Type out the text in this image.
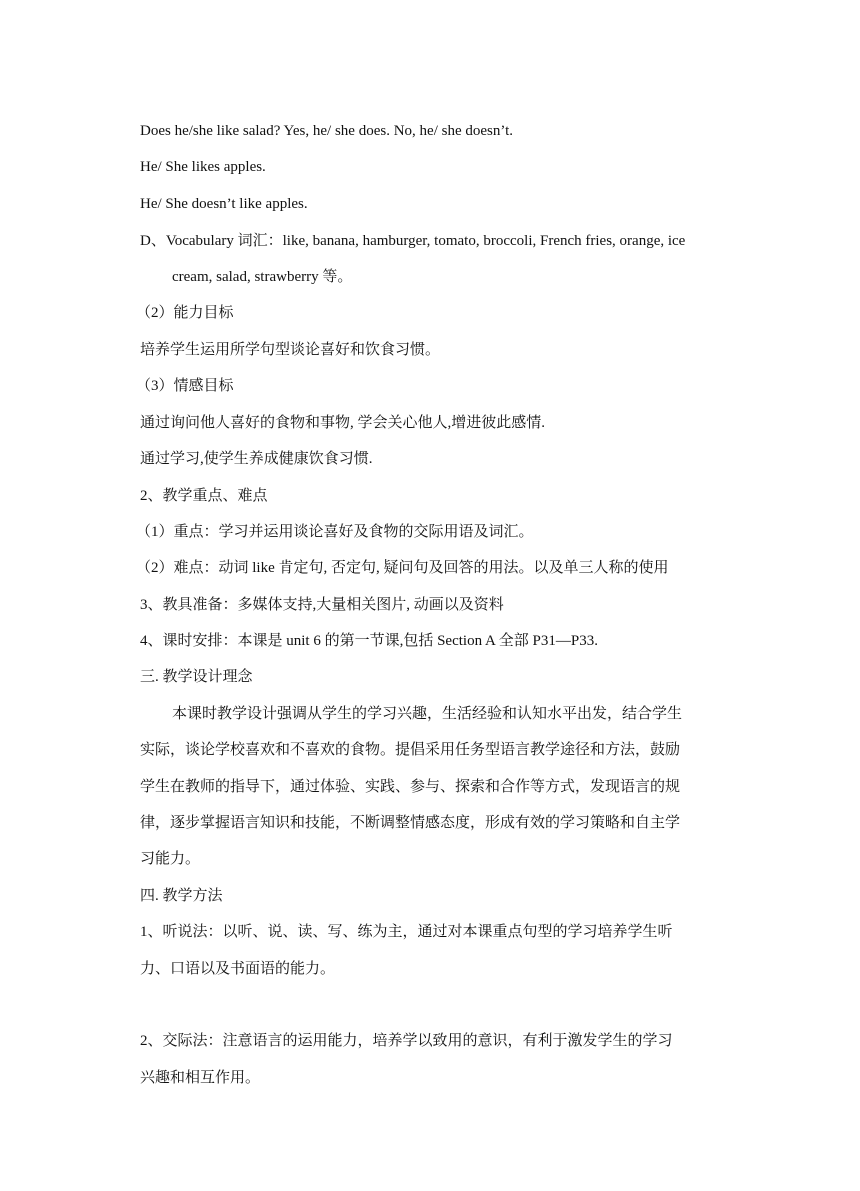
Does he/she like salad? Yes, he/ she does. No, he/ she doesn’t.
He/ She likes apples.
He/ She doesn’t like apples.
D、Vocabulary 词汇：like, banana, hamburger, tomato, broccoli, French fries, orange, ice
cream, salad, strawberry 等。
（2）能力目标
培养学生运用所学句型谈论喜好和饮食习惯。
（3）情感目标
通过询问他人喜好的食物和事物, 学会关心他人,增进彼此感情.
通过学习,使学生养成健康饮食习惯.
2、教学重点、难点
（1）重点：学习并运用谈论喜好及食物的交际用语及词汇。
（2）难点：动词 like 肯定句, 否定句, 疑问句及回答的用法。以及单三人称的使用
3、教具准备：多媒体支持,大量相关图片, 动画以及资料
4、课时安排：本课是 unit 6 的第一节课,包括 Section A 全部 P31—P33.
三. 教学设计理念
本课时教学设计强调从学生的学习兴趣，生活经验和认知水平出发，结合学生
实际，谈论学校喜欢和不喜欢的食物。提倡采用任务型语言教学途径和方法，鼓励
学生在教师的指导下，通过体验、实践、参与、探索和合作等方式，发现语言的规
律，逐步掌握语言知识和技能，不断调整情感态度，形成有效的学习策略和自主学
习能力。
四. 教学方法
1、听说法：以听、说、读、写、练为主，通过对本课重点句型的学习培养学生听
力、口语以及书面语的能力。
2、交际法：注意语言的运用能力，培养学以致用的意识，有利于激发学生的学习
兴趣和相互作用。
